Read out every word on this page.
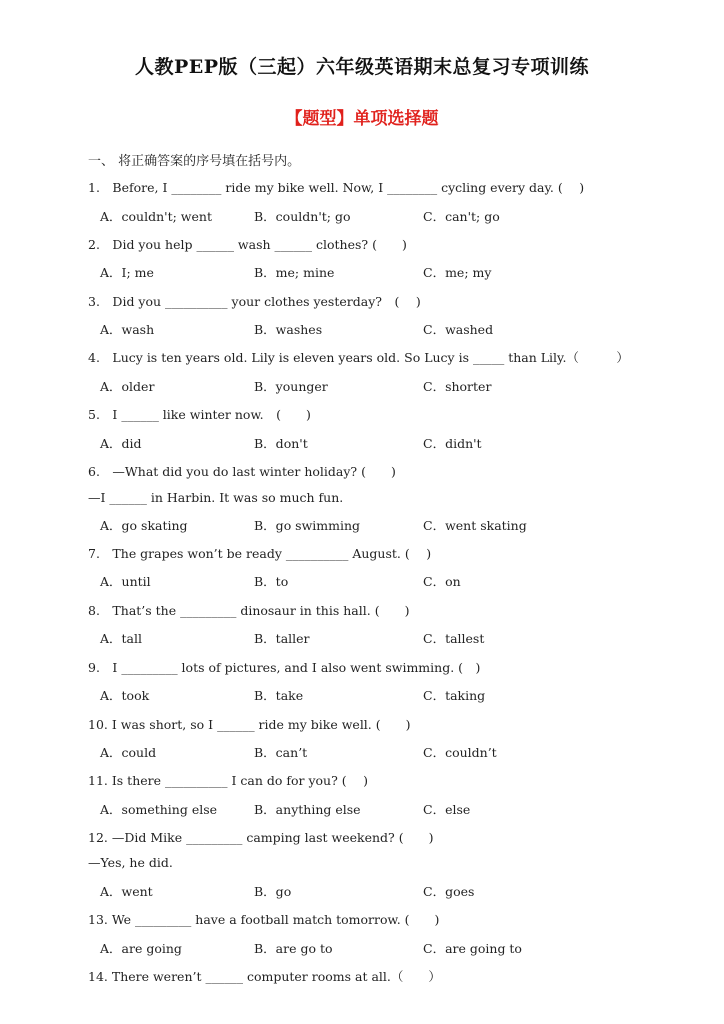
人教PEP版（三起）六年级英语期末总复习专项训练
【题型】单项选择题
一、 将正确答案的序号填在括号内。
1.　Before, I ________ ride my bike well. Now, I ________ cycling every day. (　 )
A．couldn't; went	B．couldn't; go	C．can't; go
2.　Did you help ______ wash ______ clothes? (　　)
A．I; me	B．me; mine	C．me; my
3.　Did you __________ your clothes yesterday?　(　 )
A．wash	B．washes	C．washed
4.　Lucy is ten years old. Lily is eleven years old. So Lucy is _____ than Lily.（　　　）
A．older	B．younger	C．shorter
5.　I ______ like winter now.　(　　)
A．did	B．don't	C．didn't
6.　—What did you do last winter holiday? (　　)
—I ______ in Harbin. It was so much fun.
A．go skating	B．go swimming	C．went skating
7.　The grapes won’t be ready __________ August. (　 )
A．until	B．to	C．on
8.　That’s the _________ dinosaur in this hall. (　　)
A．tall	B．taller	C．tallest
9.　I _________ lots of pictures, and I also went swimming. (　)
A．took	B．take	C．taking
10. I was short, so I ______ ride my bike well. (　　)
A．could	B．can’t	C．couldn’t
11. Is there __________ I can do for you? (　 )
A．something else	B．anything else	C．else
12. —Did Mike _________ camping last weekend? (　　)
—Yes, he did.
A．went	B．go	C．goes
13. We _________ have a football match tomorrow. (　　)
A．are going	B．are go to	C．are going to
14. There weren’t ______ computer rooms at all.（　　）
